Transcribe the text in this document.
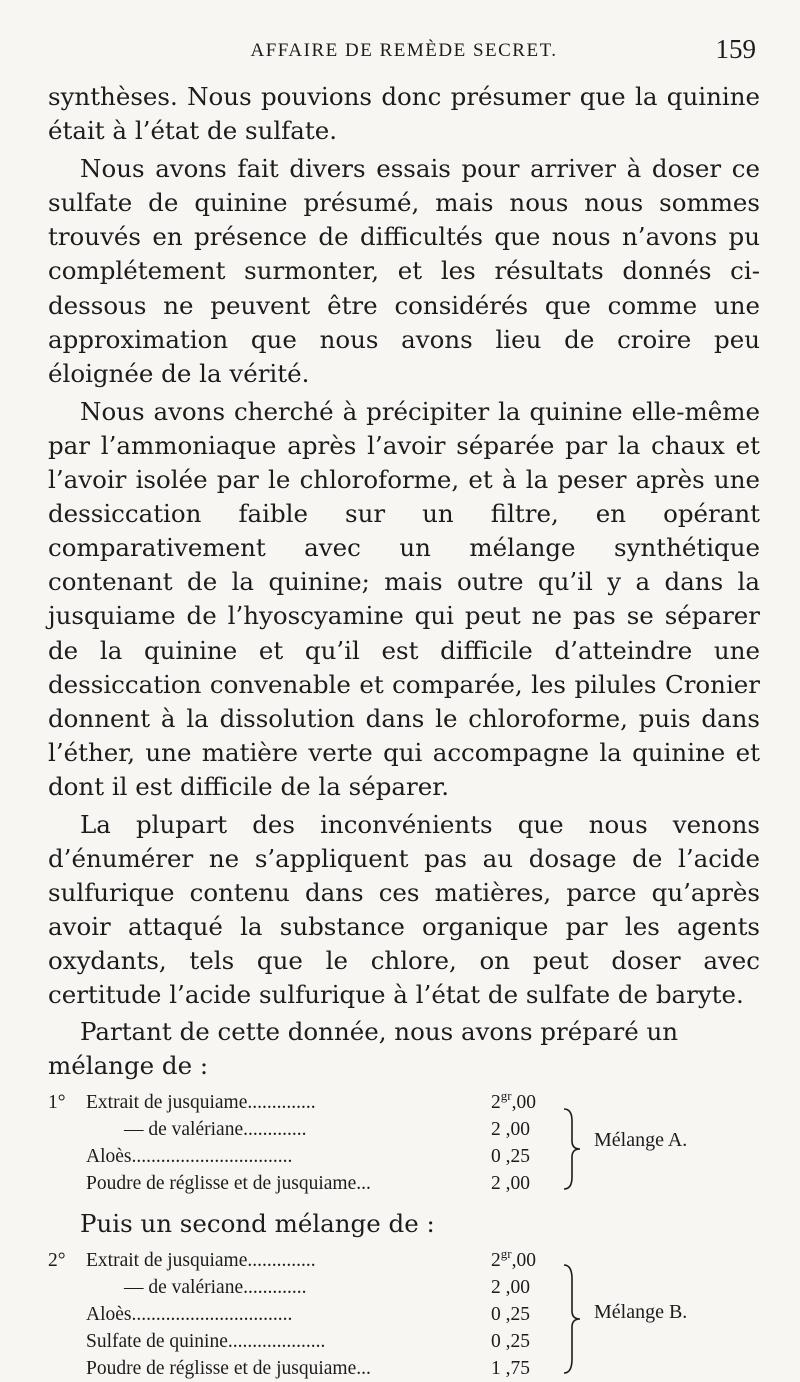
AFFAIRE DE REMÈDE SECRET.	159

synthèses. Nous pouvions donc présumer que la quinine était à l’état de sulfate.

Nous avons fait divers essais pour arriver à doser ce sulfate de quinine présumé, mais nous nous sommes trouvés en présence de difficultés que nous n’avons pu complétement surmonter, et les résultats donnés ci-dessous ne peuvent être considérés que comme une approximation que nous avons lieu de croire peu éloignée de la vérité.

Nous avons cherché à précipiter la quinine elle-même par l’ammoniaque après l’avoir séparée par la chaux et l’avoir isolée par le chloroforme, et à la peser après une dessiccation faible sur un filtre, en opérant comparativement avec un mélange synthétique contenant de la quinine; mais outre qu’il y a dans la jusquiame de l’hyoscyamine qui peut ne pas se séparer de la quinine et qu’il est difficile d’atteindre une dessiccation convenable et comparée, les pilules Cronier donnent à la dissolution dans le chloroforme, puis dans l’éther, une matière verte qui accompagne la quinine et dont il est difficile de la séparer.

La plupart des inconvénients que nous venons d’énumérer ne s’appliquent pas au dosage de l’acide sulfurique contenu dans ces matières, parce qu’après avoir attaqué la substance organique par les agents oxydants, tels que le chlore, on peut doser avec certitude l’acide sulfurique à l’état de sulfate de baryte.

Partant de cette donnée, nous avons préparé un mélange de :
1°	Extrait de jusquiame..............	$2^{gr},00$
— de valériane.............	2 ,00
Aloès.................................	0 ,25
Poudre de réglisse et de jusquiame...	2 ,00
Mélange A.
Puis un second mélange de :
2°	Extrait de jusquiame..............	$2^{gr},00$
— de valériane.............	2 ,00
Aloès.................................	0 ,25
Sulfate de quinine....................	0 ,25
Poudre de réglisse et de jusquiame...	1 ,75
Mélange B.
